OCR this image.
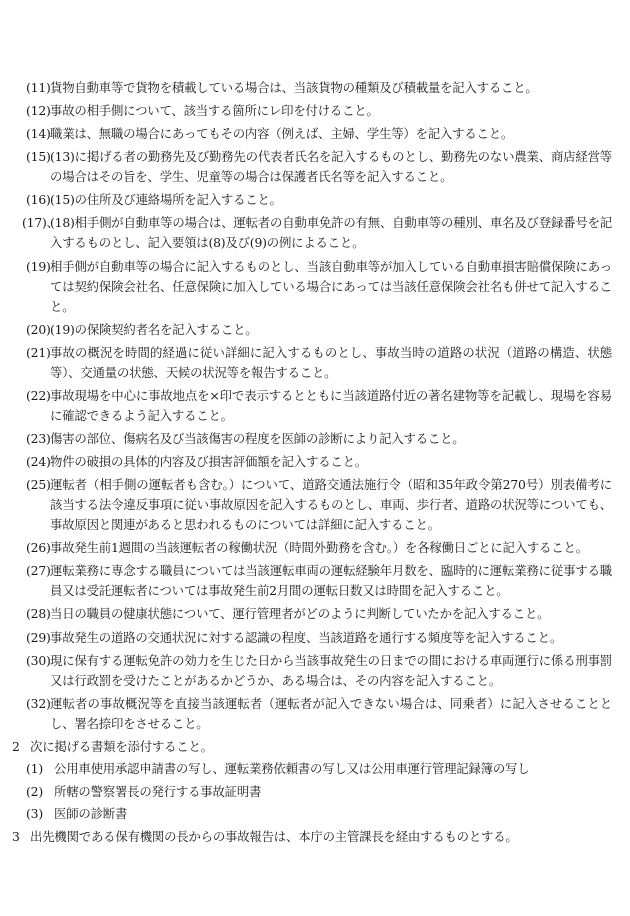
(11) 貨物自動車等で貨物を積載している場合は、当該貨物の種類及び積載量を記入すること。
(12) 事故の相手側について、該当する箇所にレ印を付けること。
(14) 職業は、無職の場合にあってもその内容（例えば、主婦、学生等）を記入すること。
(15) (13)に掲げる者の勤務先及び勤務先の代表者氏名を記入するものとし、勤務先のない農業、商店経営等の場合はその旨を、学生、児童等の場合は保護者氏名等を記入すること。
(16) (15)の住所及び連絡場所を記入すること。
(17)、
(18)相手側が自動車等の場合は、運転者の自動車免許の有無、自動車等の種別、車名及び登録番号を記入するものとし、記入要領は(8)及び(9)の例によること。
(19) 相手側が自動車等の場合に記入するものとし、当該自動車等が加入している自動車損害賠償保険にあっては契約保険会社名、任意保険に加入している場合にあっては当該任意保険会社名も併せて記入すること。
(20) (19)の保険契約者名を記入すること。
(21) 事故の概況を時間的経過に従い詳細に記入するものとし、事故当時の道路の状況（道路の構造、状態等）、交通量の状態、天候の状況等を報告すること。
(22) 事故現場を中心に事故地点を×印で表示するとともに当該道路付近の著名建物等を記載し、現場を容易に確認できるよう記入すること。
(23) 傷害の部位、傷病名及び当該傷害の程度を医師の診断により記入すること。
(24) 物件の破損の具体的内容及び損害評価額を記入すること。
(25) 運転者（相手側の運転者も含む。）について、道路交通法施行令（昭和35年政令第270号）別表備考に該当する法令違反事項に従い事故原因を記入するものとし、車両、歩行者、道路の状況等についても、事故原因と関連があると思われるものについては詳細に記入すること。
(26) 事故発生前1週間の当該運転者の稼働状況（時間外勤務を含む。）を各稼働日ごとに記入すること。
(27) 運転業務に専念する職員については当該運転車両の運転経験年月数を、臨時的に運転業務に従事する職員又は受託運転者については事故発生前2月間の運転日数又は時間を記入すること。
(28) 当日の職員の健康状態について、運行管理者がどのように判断していたかを記入すること。
(29) 事故発生の道路の交通状況に対する認識の程度、当該道路を通行する頻度等を記入すること。
(30) 現に保有する運転免許の効力を生じた日から当該事故発生の日までの間における車両運行に係る刑事罰又は行政罰を受けたことがあるかどうか、ある場合は、その内容を記入すること。
(32) 運転者の事故概況等を直接当該運転者（運転者が記入できない場合は、同乗者）に記入させることとし、署名捺印をさせること。
2 次に掲げる書類を添付すること。
(1) 公用車使用承認申請書の写し、運転業務依頼書の写し又は公用車運行管理記録簿の写し
(2) 所轄の警察署長の発行する事故証明書
(3) 医師の診断書
3 出先機関である保有機関の長からの事故報告は、本庁の主管課長を経由するものとする。
